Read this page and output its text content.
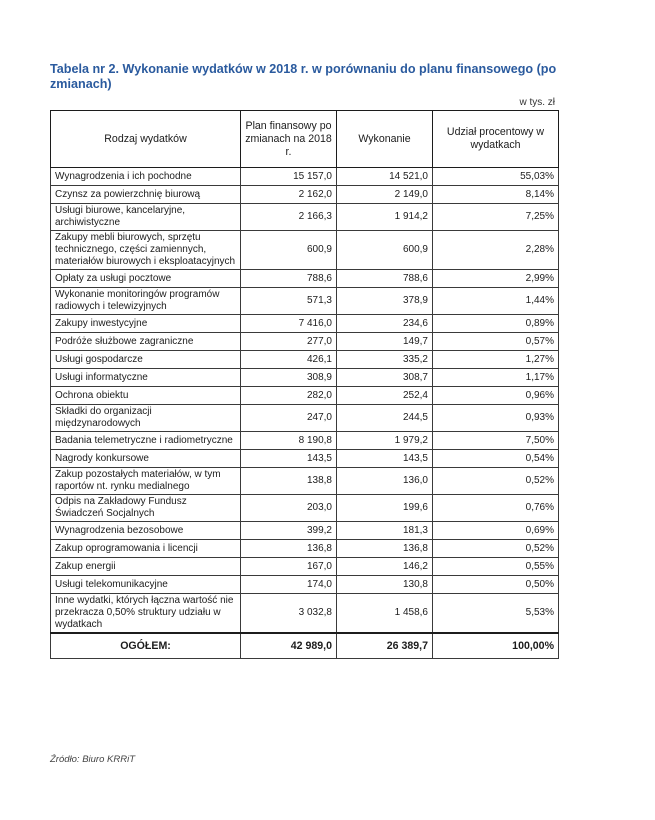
Tabela nr 2. Wykonanie wydatków w 2018 r. w porównaniu do planu finansowego (po zmianach)
w tys. zł
Rodzaj wydatków	Plan finansowy po zmianach na 2018 r.	Wykonanie	Udział procentowy w wydatkach
Wynagrodzenia i ich pochodne	15 157,0	14 521,0	55,03%
Czynsz za powierzchnię biurową	2 162,0	2 149,0	8,14%
Usługi biurowe, kancelaryjne, archiwistyczne	2 166,3	1 914,2	7,25%
Zakupy mebli biurowych, sprzętu technicznego, części zamiennych, materiałów biurowych i eksploatacyjnych	600,9	600,9	2,28%
Opłaty za usługi pocztowe	788,6	788,6	2,99%
Wykonanie monitoringów programów radiowych i telewizyjnych	571,3	378,9	1,44%
Zakupy inwestycyjne	7 416,0	234,6	0,89%
Podróże służbowe zagraniczne	277,0	149,7	0,57%
Usługi gospodarcze	426,1	335,2	1,27%
Usługi informatyczne	308,9	308,7	1,17%
Ochrona obiektu	282,0	252,4	0,96%
Składki do organizacji międzynarodowych	247,0	244,5	0,93%
Badania telemetryczne i radiometryczne	8 190,8	1 979,2	7,50%
Nagrody konkursowe	143,5	143,5	0,54%
Zakup pozostałych materiałów, w tym raportów nt. rynku medialnego	138,8	136,0	0,52%
Odpis na Zakładowy Fundusz Świadczeń Socjalnych	203,0	199,6	0,76%
Wynagrodzenia bezosobowe	399,2	181,3	0,69%
Zakup oprogramowania i licencji	136,8	136,8	0,52%
Zakup energii	167,0	146,2	0,55%
Usługi telekomunikacyjne	174,0	130,8	0,50%
Inne wydatki, których łączna wartość nie przekracza 0,50% struktury udziału w wydatkach	3 032,8	1 458,6	5,53%
OGÓŁEM:	42 989,0	26 389,7	100,00%
Źródło: Biuro KRRiT
